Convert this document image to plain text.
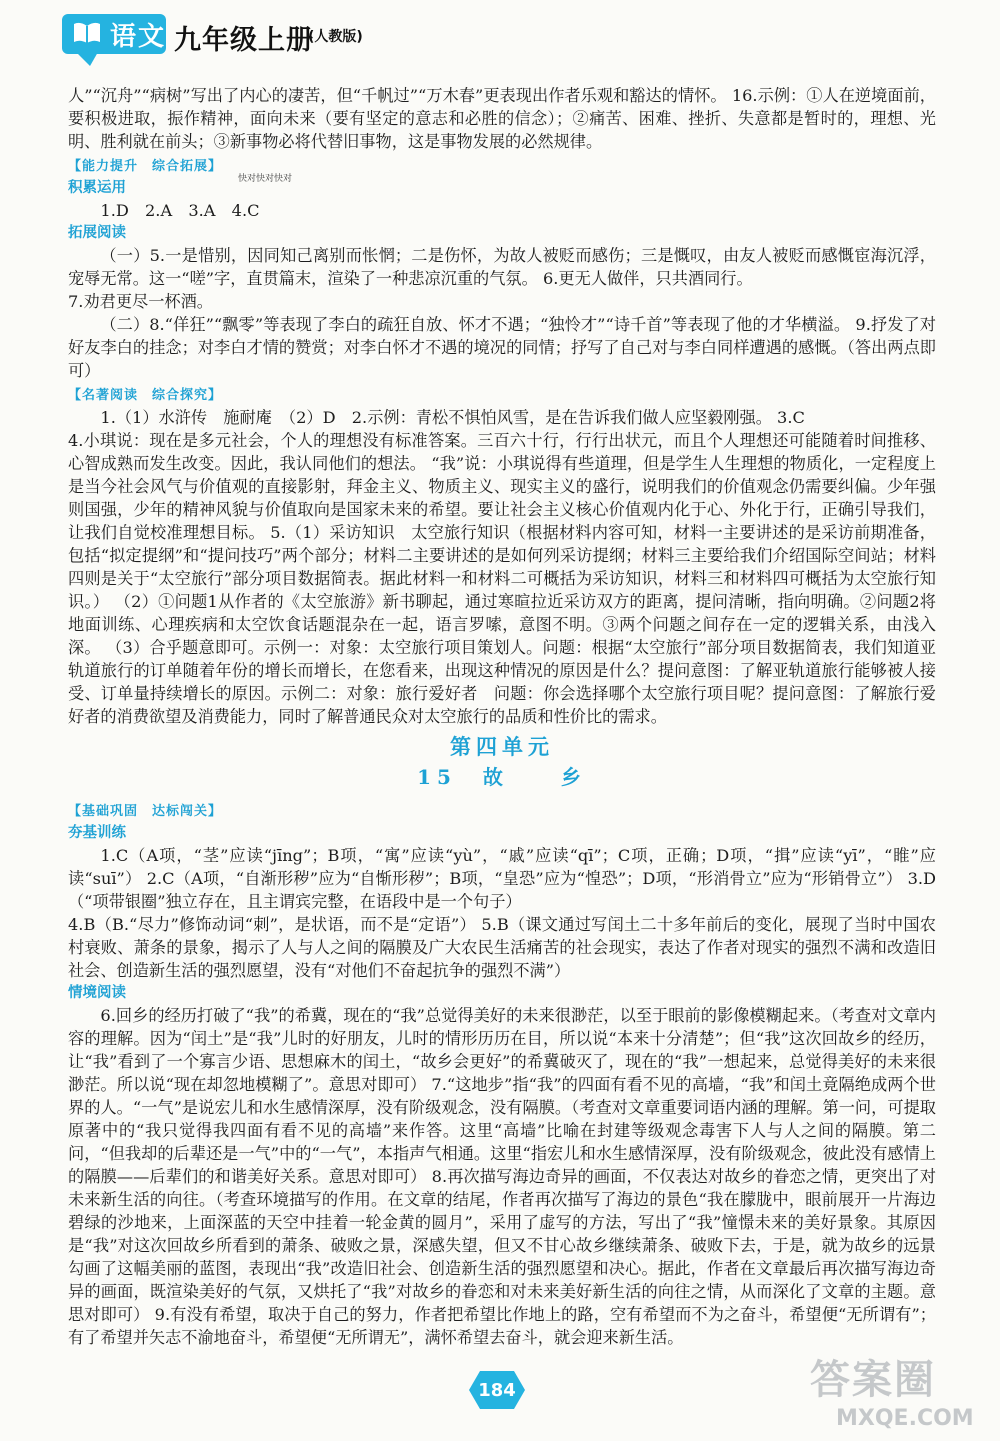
语文 九年级上册
(人教版)
快对快对快对

人”“沉舟”“病树”写出了内心的凄苦，但“千帆过”“万木春”更表现出作者乐观和豁达的情怀。 16.示例：①人在逆境面前，要积极进取，振作精神，面向未来（要有坚定的意志和必胜的信念）；②痛苦、困难、挫折、失意都是暂时的，理想、光明、胜利就在前头；③新事物必将代替旧事物，这是事物发展的必然规律。

【能力提升　综合拓展】

积累运用

1.D　2.A　3.A　4.C

拓展阅读

（一）5.一是惜别，因同知己离别而怅惘；二是伤怀，为故人被贬而感伤；三是慨叹，由友人被贬而感慨宦海沉浮，宠辱无常。这一“嗟”字，直贯篇末，渲染了一种悲凉沉重的气氛。 6.更无人做伴，只共酒同行。

7.劝君更尽一杯酒。

（二）8.“佯狂”“飘零”等表现了李白的疏狂自放、怀才不遇；“独怜才”“诗千首”等表现了他的才华横溢。 9.抒发了对好友李白的挂念；对李白才情的赞赏；对李白怀才不遇的境况的同情；抒写了自己对与李白同样遭遇的感慨。（答出两点即可）

【名著阅读　综合探究】

1.（1）水浒传　施耐庵　（2）D　2.示例：青松不惧怕风雪，是在告诉我们做人应坚毅刚强。 3.C

4.小琪说：现在是多元社会，个人的理想没有标准答案。三百六十行，行行出状元，而且个人理想还可能随着时间推移、心智成熟而发生改变。因此，我认同他们的想法。 “我”说：小琪说得有些道理，但是学生人生理想的物质化，一定程度上是当今社会风气与价值观的直接影射，拜金主义、物质主义、现实主义的盛行，说明我们的价值观念仍需要纠偏。少年强则国强，少年的精神风貌与价值取向是国家未来的希望。要让社会主义核心价值观内化于心、外化于行，正确引导我们，让我们自觉校准理想目标。 5.（1）采访知识　太空旅行知识（根据材料内容可知，材料一主要讲述的是采访前期准备，包括“拟定提纲”和“提问技巧”两个部分；材料二主要讲述的是如何列采访提纲；材料三主要给我们介绍国际空间站；材料四则是关于“太空旅行”部分项目数据简表。据此材料一和材料二可概括为采访知识，材料三和材料四可概括为太空旅行知识。） （2）①问题1从作者的《太空旅游》新书聊起，通过寒暄拉近采访双方的距离，提问清晰，指向明确。②问题2将地面训练、心理疾病和太空饮食话题混杂在一起，语言罗嗦，意图不明。③两个问题之间存在一定的逻辑关系，由浅入深。 （3）合乎题意即可。示例一：对象：太空旅行项目策划人。问题：根据“太空旅行”部分项目数据简表，我们知道亚轨道旅行的订单随着年份的增长而增长，在您看来，出现这种情况的原因是什么？提问意图：了解亚轨道旅行能够被人接受、订单量持续增长的原因。示例二：对象：旅行爱好者　问题：你会选择哪个太空旅行项目呢？提问意图：了解旅行爱好者的消费欲望及消费能力，同时了解普通民众对太空旅行的品质和性价比的需求。

第四单元
15　故　　乡
【基础巩固　达标闯关】

夯基训练

1.C（A项，“茎”应读“jīng”；B项，“寓”应读“yù”，“戚”应读“qī”；C项，正确；D项，“揖”应读“yī”，“睢”应读“suī”） 2.C（A项，“自渐形秽”应为“自惭形秽”；B项，“皇恐”应为“惶恐”；D项，“形消骨立”应为“形销骨立”） 3.D（“项带银圈”独立存在，且主谓宾完整，在语段中是一个句子）

4.B（B.“尽力”修饰动词“刺”，是状语，而不是“定语”） 5.B（课文通过写闰土二十多年前后的变化，展现了当时中国农村衰败、萧条的景象，揭示了人与人之间的隔膜及广大农民生活痛苦的社会现实，表达了作者对现实的强烈不满和改造旧社会、创造新生活的强烈愿望，没有“对他们不奋起抗争的强烈不满”）

情境阅读

6.回乡的经历打破了“我”的希冀，现在的“我”总觉得美好的未来很渺茫，以至于眼前的影像模糊起来。（考查对文章内容的理解。因为“闰土”是“我”儿时的好朋友，儿时的情形历历在目，所以说“本来十分清楚”；但“我”这次回故乡的经历，让“我”看到了一个寡言少语、思想麻木的闰土，“故乡会更好”的希冀破灭了，现在的“我”一想起来，总觉得美好的未来很渺茫。所以说“现在却忽地模糊了”。意思对即可） 7.“这地步”指“我”的四面有看不见的高墙，“我”和闰土竟隔绝成两个世界的人。“一气”是说宏儿和水生感情深厚，没有阶级观念，没有隔膜。（考查对文章重要词语内涵的理解。第一问，可提取原著中的“我只觉得我四面有看不见的高墙”来作答。这里“高墙”比喻在封建等级观念毒害下人与人之间的隔膜。第二问，“但我却的后辈还是一气”中的“一气”，本指声气相通。这里“指宏儿和水生感情深厚，没有阶级观念，彼此没有感情上的隔膜——后辈们的和谐美好关系。意思对即可） 8.再次描写海边奇异的画面，不仅表达对故乡的眷恋之情，更突出了对未来新生活的向往。（考查环境描写的作用。在文章的结尾，作者再次描写了海边的景色“我在朦胧中，眼前展开一片海边碧绿的沙地来，上面深蓝的天空中挂着一轮金黄的圆月”，采用了虚写的方法，写出了“我”憧憬未来的美好景象。其原因是“我”对这次回故乡所看到的萧条、破败之景，深感失望，但又不甘心故乡继续萧条、破败下去，于是，就为故乡的远景勾画了这幅美丽的蓝图，表现出“我”改造旧社会、创造新生活的强烈愿望和决心。据此，作者在文章最后再次描写海边奇异的画面，既渲染美好的气氛，又烘托了“我”对故乡的眷恋和对未来美好新生活的向往之情，从而深化了文章的主题。意思对即可） 9.有没有希望，取决于自己的努力，作者把希望比作地上的路，空有希望而不为之奋斗，希望便“无所谓有”；有了希望并矢志不渝地奋斗，希望便“无所谓无”，满怀希望去奋斗，就会迎来新生活。

184	答案圈
MXQE.COM
